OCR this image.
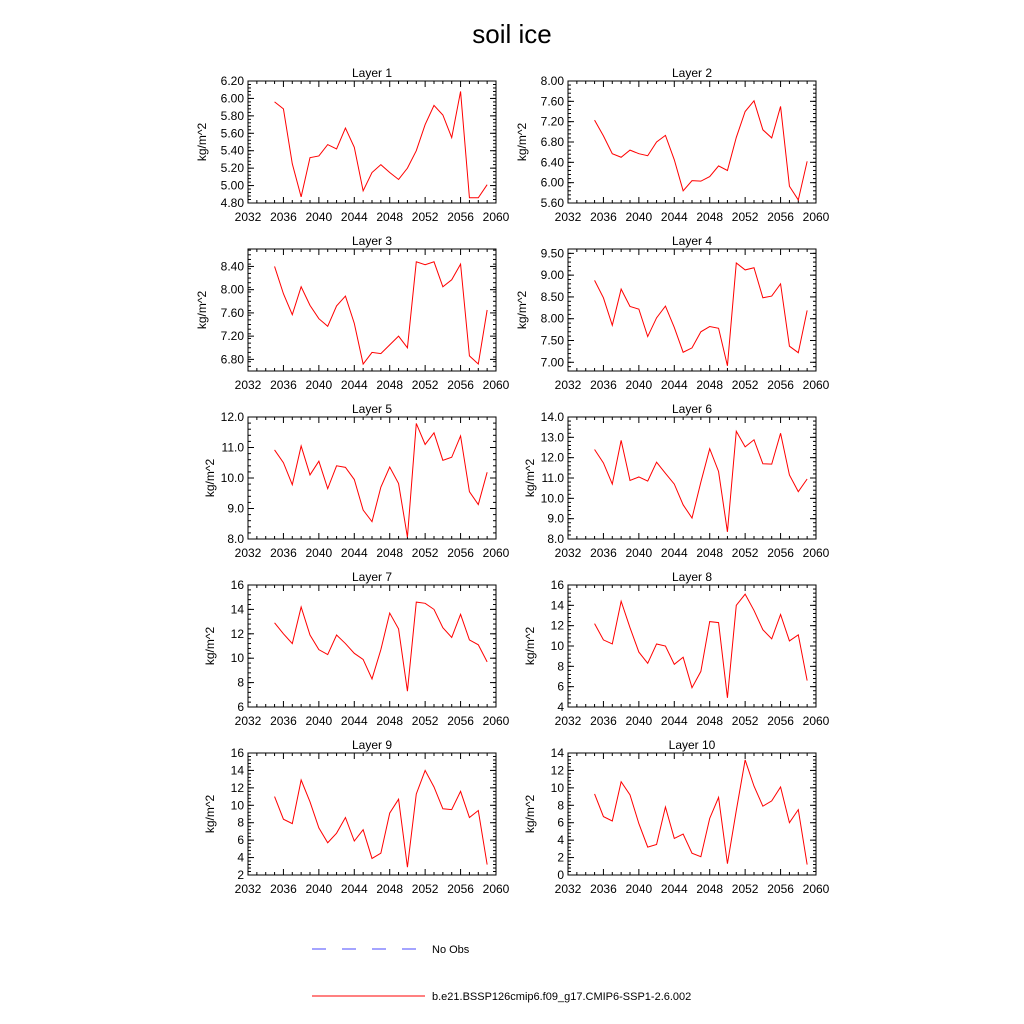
soil ice
Layer 1
2032 2036 2040 2044 2048 2052 2056 2060
4.80
5.00
5.20
5.40
5.60
5.80
6.00
6.20
kg/m^2
Layer 2
2032 2036 2040 2044 2048 2052 2056 2060
5.60
6.00
6.40
6.80
7.20
7.60
8.00
kg/m^2
Layer 3
2032 2036 2040 2044 2048 2052 2056 2060
6.80
7.20
7.60
8.00
8.40
kg/m^2
Layer 4
2032 2036 2040 2044 2048 2052 2056 2060
7.00
7.50
8.00
8.50
9.00
9.50
kg/m^2
Layer 5
2032 2036 2040 2044 2048 2052 2056 2060
8.0
9.0
10.0
11.0
12.0
kg/m^2
Layer 6
2032 2036 2040 2044 2048 2052 2056 2060
8.0
9.0
10.0
11.0
12.0
13.0
14.0
kg/m^2
Layer 7
2032 2036 2040 2044 2048 2052 2056 2060
6
8
10
12
14
16
kg/m^2
Layer 8
2032 2036 2040 2044 2048 2052 2056 2060
4
6
8
10
12
14
16
kg/m^2
Layer 9
2032 2036 2040 2044 2048 2052 2056 2060
2
4
6
8
10
12
14
16
kg/m^2
Layer 10
2032 2036 2040 2044 2048 2052 2056 2060
0
2
4
6
8
10
12
14
kg/m^2
No Obs
b.e21.BSSP126cmip6.f09_g17.CMIP6-SSP1-2.6.002
